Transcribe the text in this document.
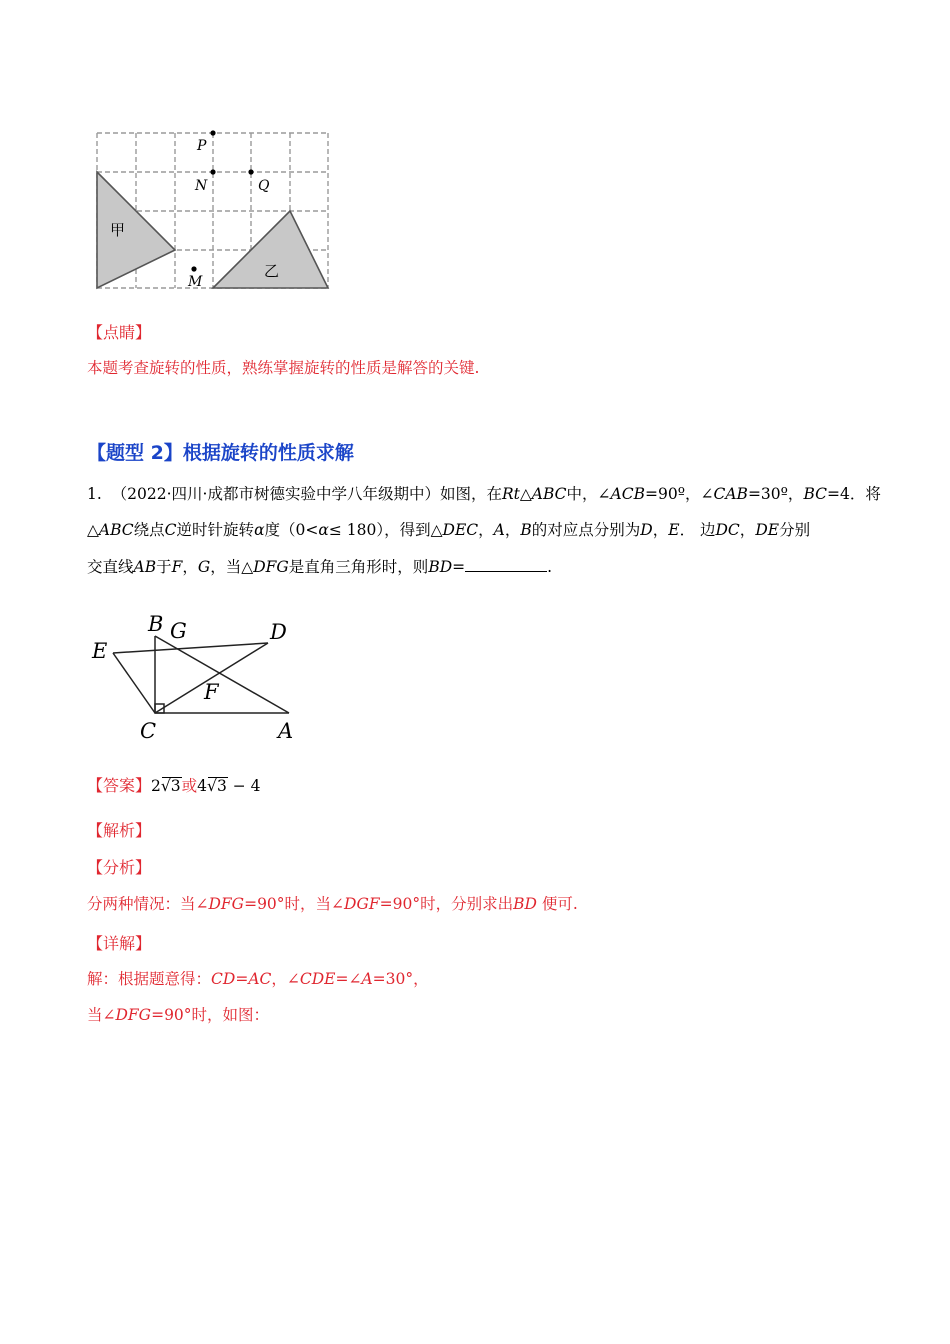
P
N	Q
M
甲
乙
【点睛】
本题考查旋转的性质，熟练掌握旋转的性质是解答的关键.
【题型 2】根据旋转的性质求解
1. （2022·四川·成都市树德实验中学八年级期中）如图，在Rt△ABC中，∠ACB=90º，∠CAB=30º，BC=4．将
△ABC绕点C逆时针旋转α度（0<α≤ 180），得到△DEC，A，B的对应点分别为D，E． 边DC，DE分别
交直线AB于F，G，当△DFG是直角三角形时，则BD=	.
B G	D
E
F
C	A
【答案】2√3或4√3 − 4
【解析】
【分析】
分两种情况：当∠DFG=90°时，当∠DGF=90°时，分别求出BD 便可.
【详解】
解：根据题意得：CD=AC，∠CDE=∠A=30°，
当∠DFG=90°时，如图：
